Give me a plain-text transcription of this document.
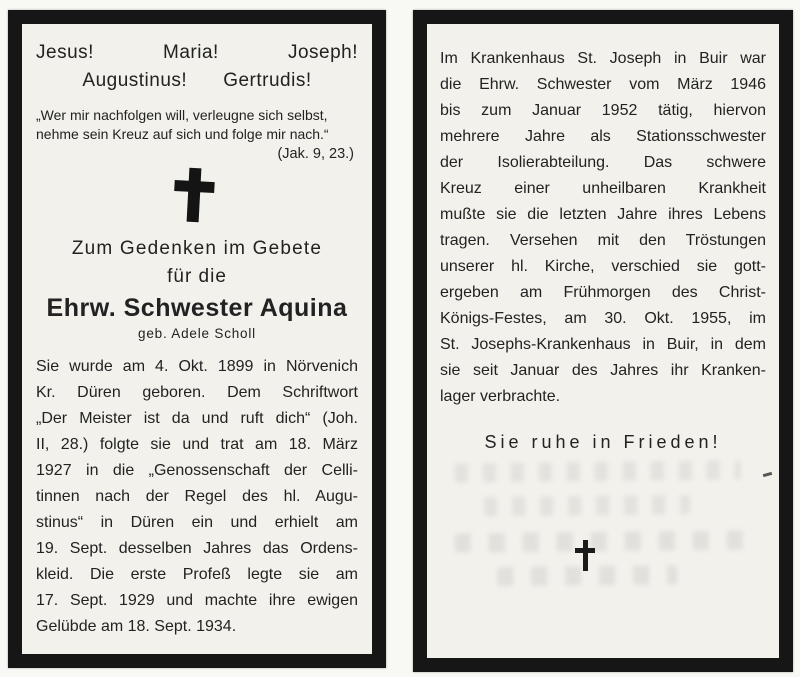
Jesus!	Maria!	Joseph!
Augustinus! Gertrudis!
„Wer mir nachfolgen will, verleugne sich selbst,
nehme sein Kreuz auf sich und folge mir nach.“
(Jak. 9, 23.)
Zum Gedenken im Gebete
für die
Ehrw. Schwester Aquina
geb. Adele Scholl
Sie wurde am 4. Okt. 1899 in Nörvenich
Kr. Düren geboren. Dem Schriftwort
„Der Meister ist da und ruft dich“ (Joh.
II, 28.) folgte sie und trat am 18. März
1927 in die „Genossenschaft der Celli-
tinnen nach der Regel des hl. Augu-
stinus“ in Düren ein und erhielt am
19. Sept. desselben Jahres das Ordens-
kleid. Die erste Profeß legte sie am
17. Sept. 1929 und machte ihre ewigen
Gelübde am 18. Sept. 1934.
Im Krankenhaus St. Joseph in Buir war
die Ehrw. Schwester vom März 1946
bis zum Januar 1952 tätig, hiervon
mehrere Jahre als Stationsschwester
der Isolierabteilung. Das schwere
Kreuz einer unheilbaren Krankheit
mußte sie die letzten Jahre ihres Lebens
tragen. Versehen mit den Tröstungen
unserer hl. Kirche, verschied sie gott-
ergeben am Frühmorgen des Christ-
Königs-Festes, am 30. Okt. 1955, im
St. Josephs-Krankenhaus in Buir, in dem
sie seit Januar des Jahres ihr Kranken-
lager verbrachte.
Sie ruhe in Frieden!
